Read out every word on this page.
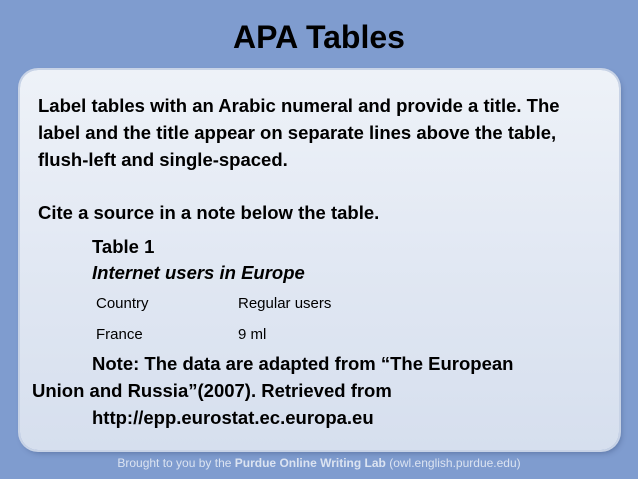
APA Tables

Label tables with an Arabic numeral and provide a title. The label and the title appear on separate lines above the table, flush-left and single-spaced.

Cite a source in a note below the table.

Table 1

Internet users in Europe

Country	Regular users
France	9 ml
Note: The data are adapted from “The European
Union and Russia”(2007). Retrieved from
http://epp.eurostat.ec.europa.eu
Brought to you by the Purdue Online Writing Lab (owl.english.purdue.edu)
